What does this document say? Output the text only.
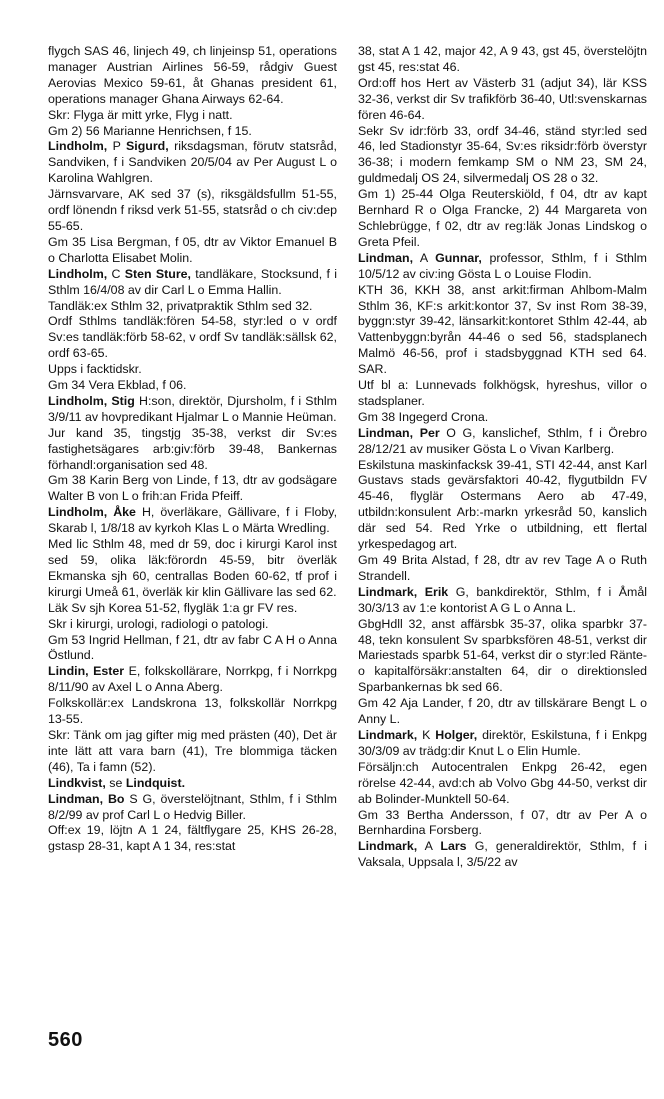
flygch SAS 46, linjech 49, ch linjeinsp 51, operations manager Austrian Airlines 56-59, rådgiv Guest Aerovias Mexico 59-61, åt Ghanas president 61, operations manager Ghana Airways 62-64.

Skr: Flyga är mitt yrke, Flyg i natt.

Gm 2) 56 Marianne Henrichsen, f 15.

Lindholm, P Sigurd, riksdagsman, förutv statsråd, Sandviken, f i Sandviken 20/5/04 av Per August L o Karolina Wahlgren.

Järnsvarvare, AK sed 37 (s), riksgäldsfullm 51-55, ordf lönendn f riksd verk 51-55, statsråd o ch civ:dep 55-65.

Gm 35 Lisa Bergman, f 05, dtr av Viktor Emanuel B o Charlotta Elisabet Molin.

Lindholm, C Sten Sture, tandläkare, Stocksund, f i Sthlm 16/4/08 av dir Carl L o Emma Hallin.

Tandläk:ex Sthlm 32, privatpraktik Sthlm sed 32.

Ordf Sthlms tandläk:fören 54-58, styr:led o v ordf Sv:es tandläk:förb 58-62, v ordf Sv tandläk:sällsk 62, ordf 63-65.

Upps i facktidskr.

Gm 34 Vera Ekblad, f 06.

Lindholm, Stig H:son, direktör, Djursholm, f i Sthlm 3/9/11 av hovpredikant Hjalmar L o Mannie Heüman.

Jur kand 35, tingstjg 35-38, verkst dir Sv:es fastighetsägares arb:giv:förb 39-48, Bankernas förhandl:organisation sed 48.

Gm 38 Karin Berg von Linde, f 13, dtr av godsägare Walter B von L o frih:an Frida Pfeiff.

Lindholm, Åke H, överläkare, Gällivare, f i Floby, Skarab l, 1/8/18 av kyrkoh Klas L o Märta Wredling.

Med lic Sthlm 48, med dr 59, doc i kirurgi Karol inst sed 59, olika läk:förordn 45-59, bitr överläk Ekmanska sjh 60, centrallas Boden 60-62, tf prof i kirurgi Umeå 61, överläk kir klin Gällivare las sed 62.

Läk Sv sjh Korea 51-52, flygläk 1:a gr FV res.

Skr i kirurgi, urologi, radiologi o patologi.

Gm 53 Ingrid Hellman, f 21, dtr av fabr C A H o Anna Östlund.

Lindin, Ester E, folkskollärare, Norrkpg, f i Norrkpg 8/11/90 av Axel L o Anna Aberg.

Folkskollär:ex Landskrona 13, folkskollär Norrkpg 13-55.

Skr: Tänk om jag gifter mig med prästen (40), Det är inte lätt att vara barn (41), Tre blommiga täcken (46), Ta i famn (52).

Lindkvist, se Lindquist.

Lindman, Bo S G, överstelöjtnant, Sthlm, f i Sthlm 8/2/99 av prof Carl L o Hedvig Biller.

Off:ex 19, löjtn A 1 24, fältflygare 25, KHS 26-28, gstasp 28-31, kapt A 1 34, res:stat

38, stat A 1 42, major 42, A 9 43, gst 45, överstelöjtn gst 45, res:stat 46.

Ord:off hos Hert av Västerb 31 (adjut 34), lär KSS 32-36, verkst dir Sv trafikförb 36-40, Utl:svenskarnas fören 46-64.

Sekr Sv idr:förb 33, ordf 34-46, ständ styr:led sed 46, led Stadionstyr 35-64, Sv:es riksidr:förb överstyr 36-38; i modern femkamp SM o NM 23, SM 24, guldmedalj OS 24, silvermedalj OS 28 o 32.

Gm 1) 25-44 Olga Reuterskiöld, f 04, dtr av kapt Bernhard R o Olga Francke, 2) 44 Margareta von Schlebrügge, f 02, dtr av reg:läk Jonas Lindskog o Greta Pfeil.

Lindman, A Gunnar, professor, Sthlm, f i Sthlm 10/5/12 av civ:ing Gösta L o Louise Flodin.

KTH 36, KKH 38, anst arkit:firman Ahlbom-Malm Sthlm 36, KF:s arkit:kontor 37, Sv inst Rom 38-39, byggn:styr 39-42, länsarkit:kontoret Sthlm 42-44, ab Vattenbyggn:byrån 44-46 o sed 56, stadsplanech Malmö 46-56, prof i stadsbyggnad KTH sed 64. SAR.

Utf bl a: Lunnevads folkhögsk, hyreshus, villor o stadsplaner.

Gm 38 Ingegerd Crona.

Lindman, Per O G, kanslichef, Sthlm, f i Örebro 28/12/21 av musiker Gösta L o Vivan Karlberg.

Eskilstuna maskinfacksk 39-41, STI 42-44, anst Karl Gustavs stads gevärsfaktori 40-42, flygutbildn FV 45-46, flyglär Ostermans Aero ab 47-49, utbildn:konsulent Arb:-markn yrkesråd 50, kanslich där sed 54. Red Yrke o utbildning, ett flertal yrkespedagog art.

Gm 49 Brita Alstad, f 28, dtr av rev Tage A o Ruth Strandell.

Lindmark, Erik G, bankdirektör, Sthlm, f i Åmål 30/3/13 av 1:e kontorist A G L o Anna L.

GbgHdll 32, anst affärsbk 35-37, olika sparbkr 37-48, tekn konsulent Sv sparbksfören 48-51, verkst dir Mariestads sparbk 51-64, verkst dir o styr:led Ränte- o kapitalförsäkr:anstalten 64, dir o direktionsled Sparbankernas bk sed 66.

Gm 42 Aja Lander, f 20, dtr av tillskärare Bengt L o Anny L.

Lindmark, K Holger, direktör, Eskilstuna, f i Enkpg 30/3/09 av trädg:dir Knut L o Elin Humle.

Försäljn:ch Autocentralen Enkpg 26-42, egen rörelse 42-44, avd:ch ab Volvo Gbg 44-50, verkst dir ab Bolinder-Munktell 50-64.

Gm 33 Bertha Andersson, f 07, dtr av Per A o Bernhardina Forsberg.

Lindmark, A Lars G, generaldirektör, Sthlm, f i Vaksala, Uppsala l, 3/5/22 av

560
